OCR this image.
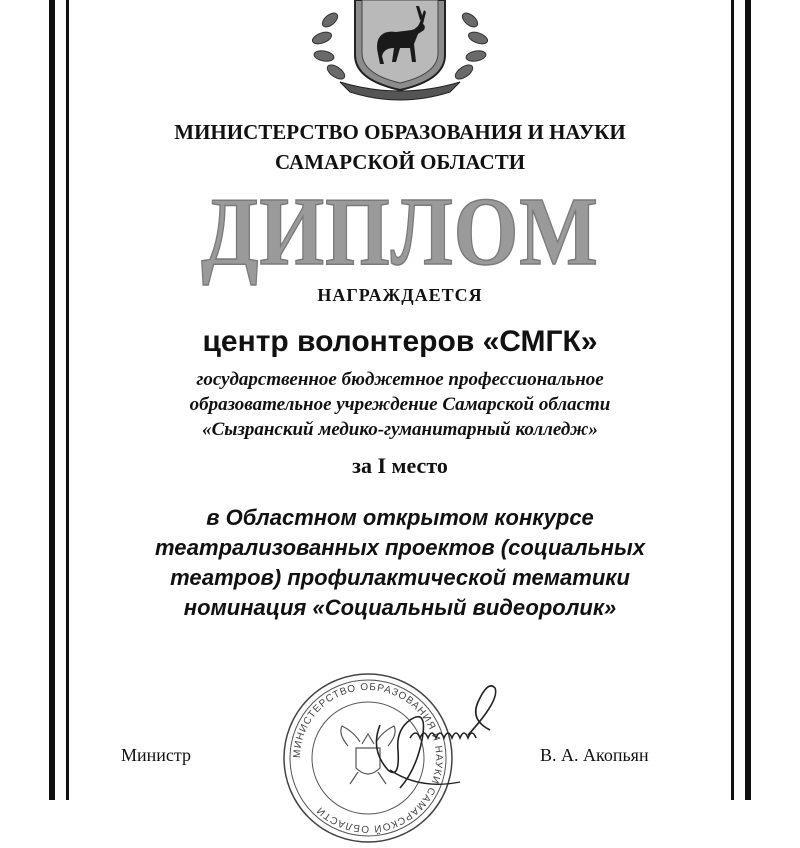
МИНИСТЕРСТВО ОБРАЗОВАНИЯ И НАУКИ
САМАРСКОЙ ОБЛАСТИ
ДИПЛОМ
НАГРАЖДАЕТСЯ
центр волонтеров «СМГК»
государственное бюджетное профессиональное
образовательное учреждение Самарской области
«Сызранский медико-гуманитарный колледж»
за I место
в Областном открытом конкурсе
театрализованных проектов (социальных
театров) профилактической тематики
номинация «Социальный видеоролик»
МИНИСТЕРСТВО ОБРАЗОВАНИЯ И НАУКИ САМАРСКОЙ ОБЛАСТИ
Министр	В. А. Акопьян
